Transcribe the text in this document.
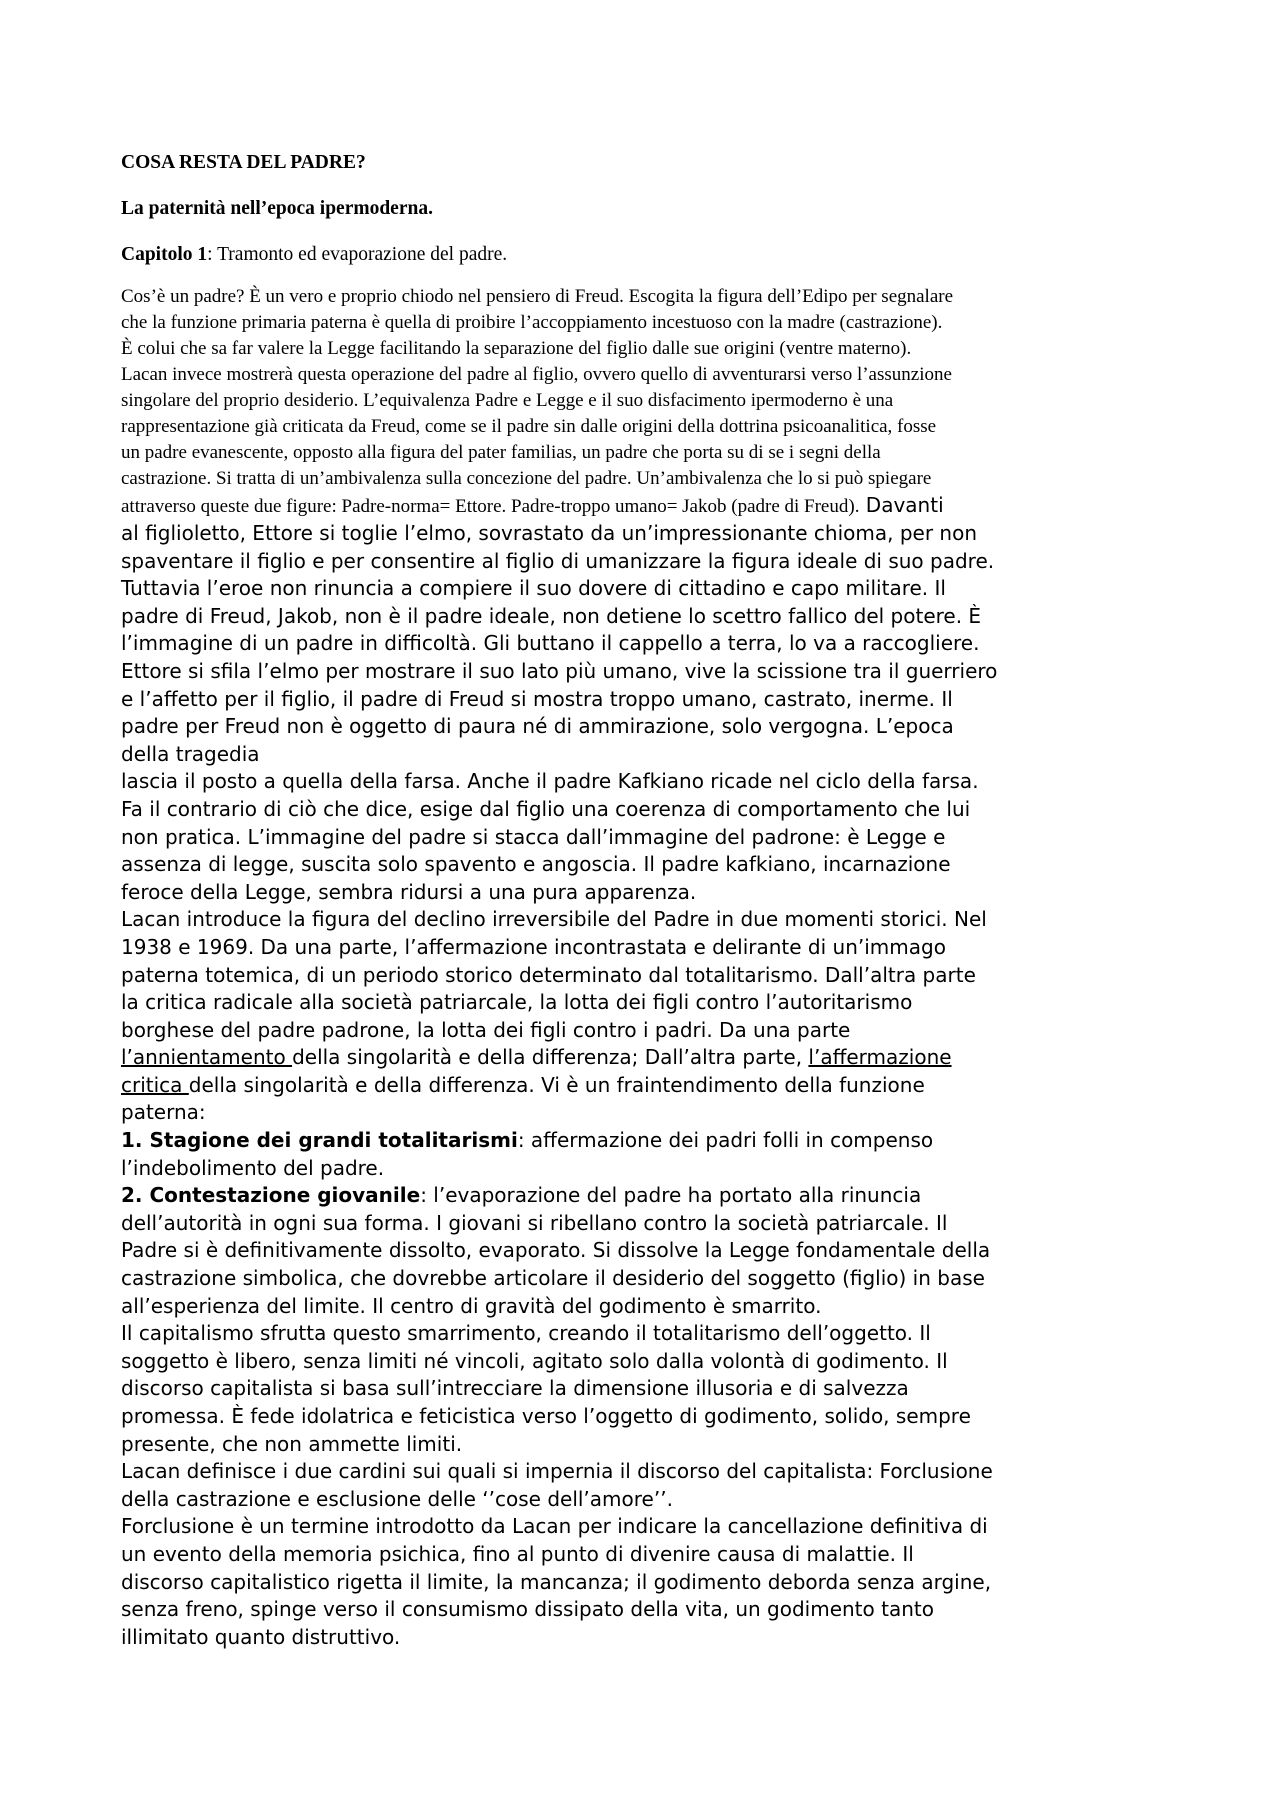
COSA RESTA DEL PADRE?
La paternità nell’epoca ipermoderna.
Capitolo 1: Tramonto ed evaporazione del padre.
Cos’è un padre? È un vero e proprio chiodo nel pensiero di Freud. Escogita la figura dell’Edipo per segnalare
che la funzione primaria paterna è quella di proibire l’accoppiamento incestuoso con la madre (castrazione).
È colui che sa far valere la Legge facilitando la separazione del figlio dalle sue origini (ventre materno).
Lacan invece mostrerà questa operazione del padre al figlio, ovvero quello di avventurarsi verso l’assunzione
singolare del proprio desiderio. L’equivalenza Padre e Legge e il suo disfacimento ipermoderno è una
rappresentazione già criticata da Freud, come se il padre sin dalle origini della dottrina psicoanalitica, fosse
un padre evanescente, opposto alla figura del pater familias, un padre che porta su di se i segni della
castrazione. Si tratta di un’ambivalenza sulla concezione del padre. Un’ambivalenza che lo si può spiegare
attraverso queste due figure: Padre-norma= Ettore. Padre-troppo umano= Jakob (padre di Freud). Davanti
al figlioletto, Ettore si toglie l’elmo, sovrastato da un’impressionante chioma, per non
spaventare il figlio e per consentire al figlio di umanizzare la figura ideale di suo padre.
Tuttavia l’eroe non rinuncia a compiere il suo dovere di cittadino e capo militare. Il
padre di Freud, Jakob, non è il padre ideale, non detiene lo scettro fallico del potere. È
l’immagine di un padre in difficoltà. Gli buttano il cappello a terra, lo va a raccogliere.
Ettore si sfila l’elmo per mostrare il suo lato più umano, vive la scissione tra il guerriero
e l’affetto per il figlio, il padre di Freud si mostra troppo umano, castrato, inerme. Il
padre per Freud non è oggetto di paura né di ammirazione, solo vergogna. L’epoca
della tragedia
lascia il posto a quella della farsa. Anche il padre Kafkiano ricade nel ciclo della farsa.
Fa il contrario di ciò che dice, esige dal figlio una coerenza di comportamento che lui
non pratica. L’immagine del padre si stacca dall’immagine del padrone: è Legge e
assenza di legge, suscita solo spavento e angoscia. Il padre kafkiano, incarnazione
feroce della Legge, sembra ridursi a una pura apparenza.
Lacan introduce la figura del declino irreversibile del Padre in due momenti storici. Nel
1938 e 1969. Da una parte, l’affermazione incontrastata e delirante di un’immago
paterna totemica, di un periodo storico determinato dal totalitarismo. Dall’altra parte
la critica radicale alla società patriarcale, la lotta dei figli contro l’autoritarismo
borghese del padre padrone, la lotta dei figli contro i padri. Da una parte
l’annientamento della singolarità e della differenza; Dall’altra parte, l’affermazione
critica della singolarità e della differenza. Vi è un fraintendimento della funzione
paterna:
1. Stagione dei grandi totalitarismi: affermazione dei padri folli in compenso
l’indebolimento del padre.
2. Contestazione giovanile: l’evaporazione del padre ha portato alla rinuncia
dell’autorità in ogni sua forma. I giovani si ribellano contro la società patriarcale. Il
Padre si è definitivamente dissolto, evaporato. Si dissolve la Legge fondamentale della
castrazione simbolica, che dovrebbe articolare il desiderio del soggetto (figlio) in base
all’esperienza del limite. Il centro di gravità del godimento è smarrito.
Il capitalismo sfrutta questo smarrimento, creando il totalitarismo dell’oggetto. Il
soggetto è libero, senza limiti né vincoli, agitato solo dalla volontà di godimento. Il
discorso capitalista si basa sull’intrecciare la dimensione illusoria e di salvezza
promessa. È fede idolatrica e feticistica verso l’oggetto di godimento, solido, sempre
presente, che non ammette limiti.
Lacan definisce i due cardini sui quali si impernia il discorso del capitalista: Forclusione
della castrazione e esclusione delle ‘’cose dell’amore’’.
Forclusione è un termine introdotto da Lacan per indicare la cancellazione definitiva di
un evento della memoria psichica, fino al punto di divenire causa di malattie. Il
discorso capitalistico rigetta il limite, la mancanza; il godimento deborda senza argine,
senza freno, spinge verso il consumismo dissipato della vita, un godimento tanto
illimitato quanto distruttivo.
